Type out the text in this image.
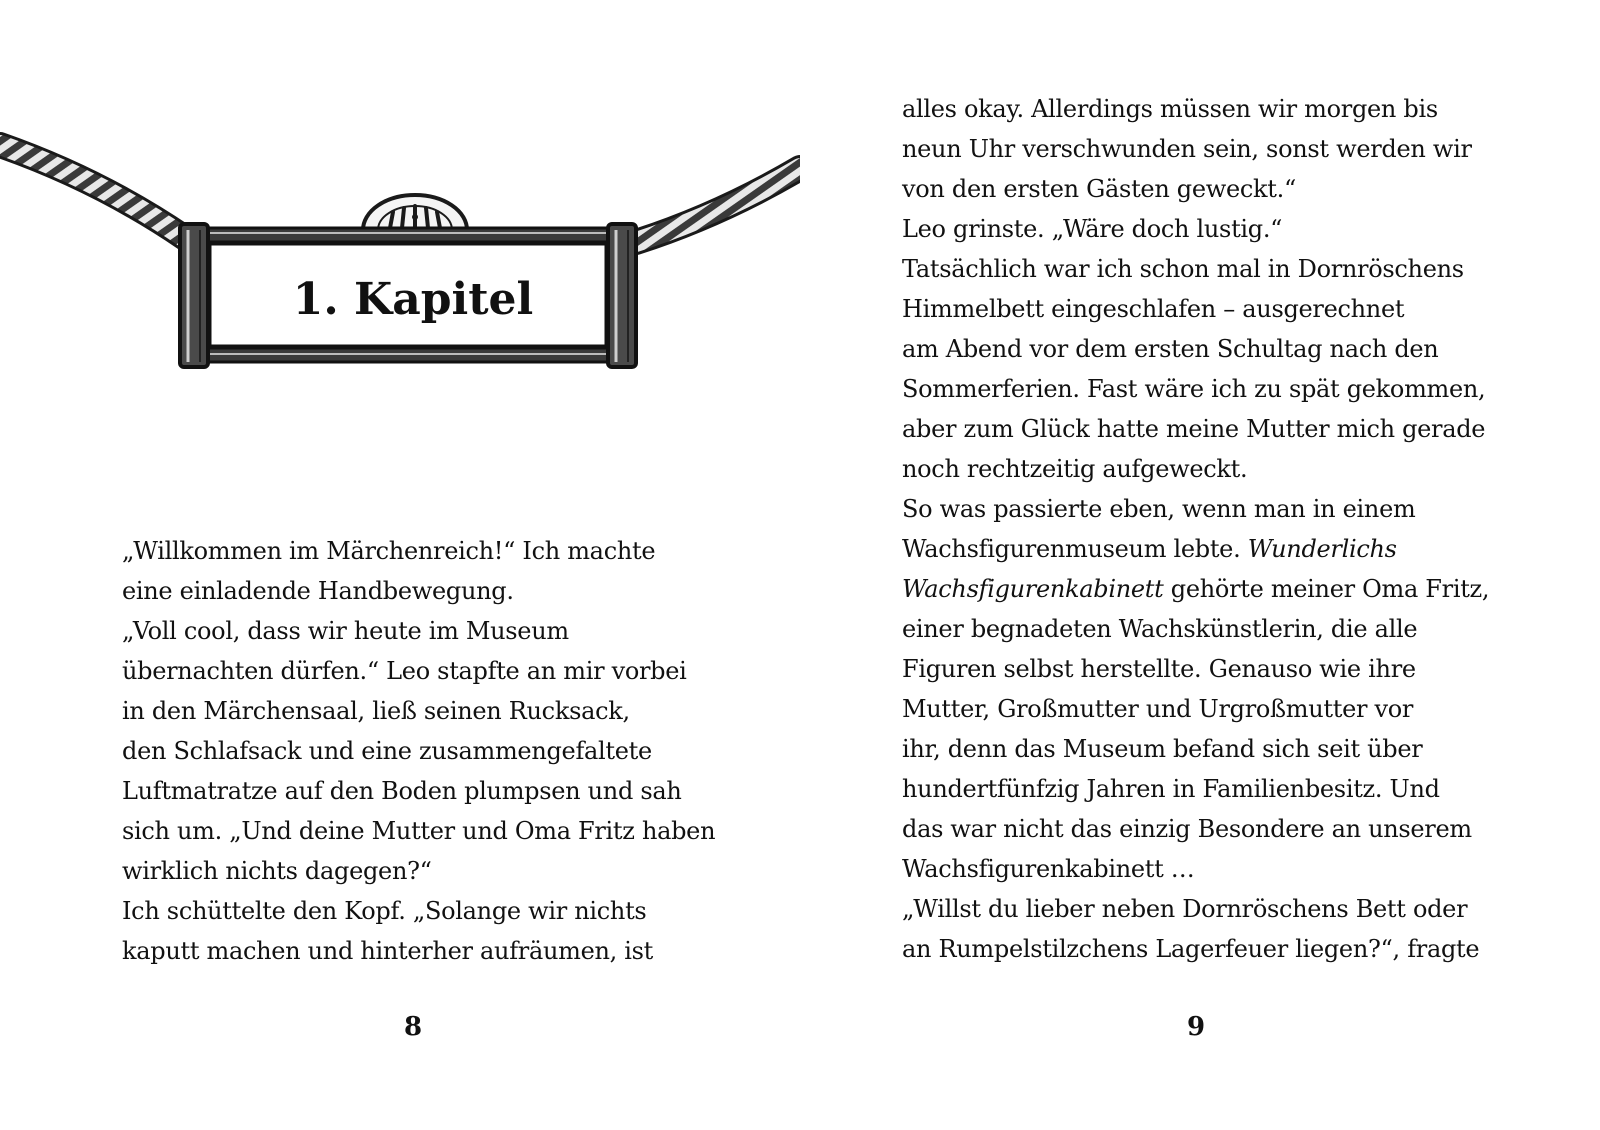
1. Kapitel
„Willkommen im Märchenreich!“ Ich machte
eine einladende Handbewegung.
„Voll cool, dass wir heute im Museum
übernachten dürfen.“ Leo stapfte an mir vorbei
in den Märchensaal, ließ seinen Rucksack,
den Schlafsack und eine zusammengefaltete
Luftmatratze auf den Boden plumpsen und sah
sich um. „Und deine Mutter und Oma Fritz haben
wirklich nichts dagegen?“
Ich schüttelte den Kopf. „Solange wir nichts
kaputt machen und hinterher aufräumen, ist
8
alles okay. Allerdings müssen wir morgen bis
neun Uhr verschwunden sein, sonst werden wir
von den ersten Gästen geweckt.“
Leo grinste. „Wäre doch lustig.“
Tatsächlich war ich schon mal in Dornröschens
Himmelbett eingeschlafen – ausgerechnet
am Abend vor dem ersten Schultag nach den
Sommerferien. Fast wäre ich zu spät gekommen,
aber zum Glück hatte meine Mutter mich gerade
noch rechtzeitig aufgeweckt.
So was passierte eben, wenn man in einem
Wachsfigurenmuseum lebte. Wunderlichs
Wachsfigurenkabinett gehörte meiner Oma Fritz,
einer begnadeten Wachskünstlerin, die alle
Figuren selbst herstellte. Genauso wie ihre
Mutter, Großmutter und Urgroßmutter vor
ihr, denn das Museum befand sich seit über
hundertfünfzig Jahren in Familienbesitz. Und
das war nicht das einzig Besondere an unserem
Wachsfigurenkabinett …
„Willst du lieber neben Dornröschens Bett oder
an Rumpelstilzchens Lagerfeuer liegen?“, fragte
9
